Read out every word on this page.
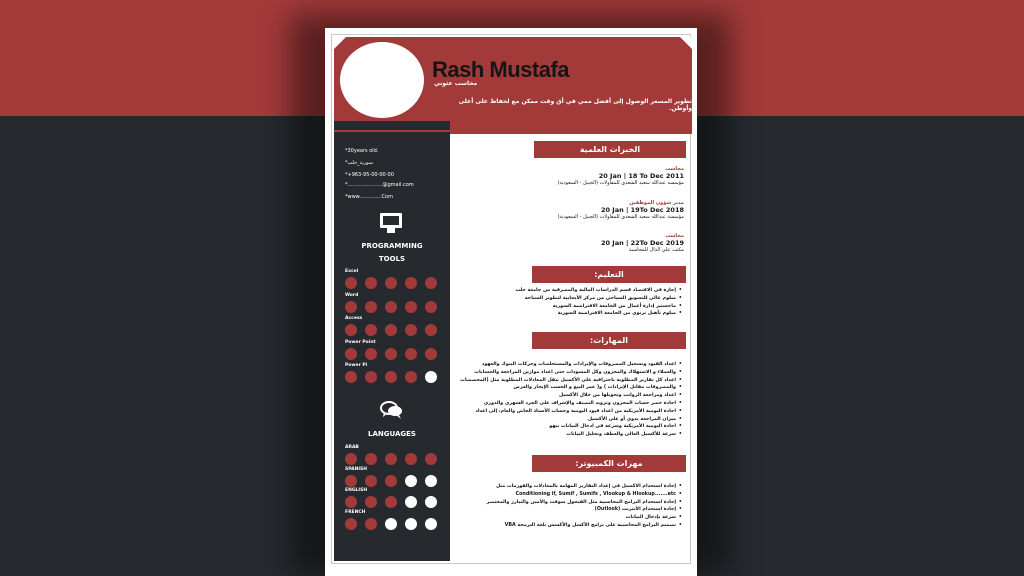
Rash Mustafa
محاسب عثوني
تطوير المسعر الوصول إلى أفضل ممي في أق وقت ممكن مع لحفاظ على أعلى وأوطن.
*30years old.
*سورية_حلب
*+963-95-00-00-00
*......................@gmail.com
*www..............Com
PROGRAMMING
TOOLS
Excel
Word
Access
Power Point
Power Pi
LANGUAGES
ARAB
SPANISH
ENGLISH
FRENCH
الخبرات العلمية
محاسب
20 Jan | 18 To Dec 2011
مؤسسة عبدالله سعيد الشعدي للمقاولات (الجبيل - السعودية)
مدير شؤون الموظفين
20 Jan | 19To Dec 2018
مؤسسة عبدالله سعيد الشعدي للمقاولات (الجبيل - السعودية)
محاسب
20 Jan | 22To Dec 2019
مكتب علي الذال للمحاسبة
التعليم:
• إجازة في الاقتصاد قسم الدراسات المالية والمصرفية من جامعة حلب
• مبلوم عالي للتسويق السياحي من مركز الأيجابية لتطوير السياحة
• ماجستير إدارة أعمال من الجامعة الافتراضية السورية
• مبلوم تأهيل تربوي من الجامعة الافتراضية السورية
المهارات:
• اعداد القيود وتسجيل المصروفات والإيرادات والمستخلصات وحركات البنوك والعهود
• والعملاء و الاستهلاك والمخزون وكل المسودات حتى اعداد موازين المراجعة والحسابات
• اعداد كل تقارير المطلوبة باحترافية على الأكسيل يتقل المعادلات المطلوبة مثل (المخصصات
• والمصروفات مقابل الإيرادات ) و( عمر البيع و الحسب الإيجار والعرض
• اعداد ومراجعة الرواتب وتحويلها من خلال الأكسيل
• اجادة حصر حساب المخزون وتزويد التصنف والإشراف على الجرد الشهري والدوري
• اجادة اليومية الأمريكية من اعداد قيود اليومية وحساب الأستاذ الخاص والعام، إلى اعداد
• ميزان المراجعة يدوي أو على الأكسيل
• اجادة اليومية الأمريكية وسرعة في ادخال البيانات بيهو
• سرعة للأكسيل العالي والعطف وتحليل البيانات
مهرات الكمبيوتر:
• إجادة استخدام الاكسيل في إعداد التقارير المهامة بالمعادلات والفورمات مثل
• Conditioning if, Sumif , Sumifs , Vlookup & Hlookup.......etc
• إجادة استخدام البرامج المحاسبية مثل الفيجول سوفت والأمين والبيارز والمختصر
• إجادة استخدام الأنترنت (Outlook)
• سرعة بإدخال البيانات
• تصميم البرامج المحاسبية على برامج الأكسل والأكسس بلغة البرمجة VBA
